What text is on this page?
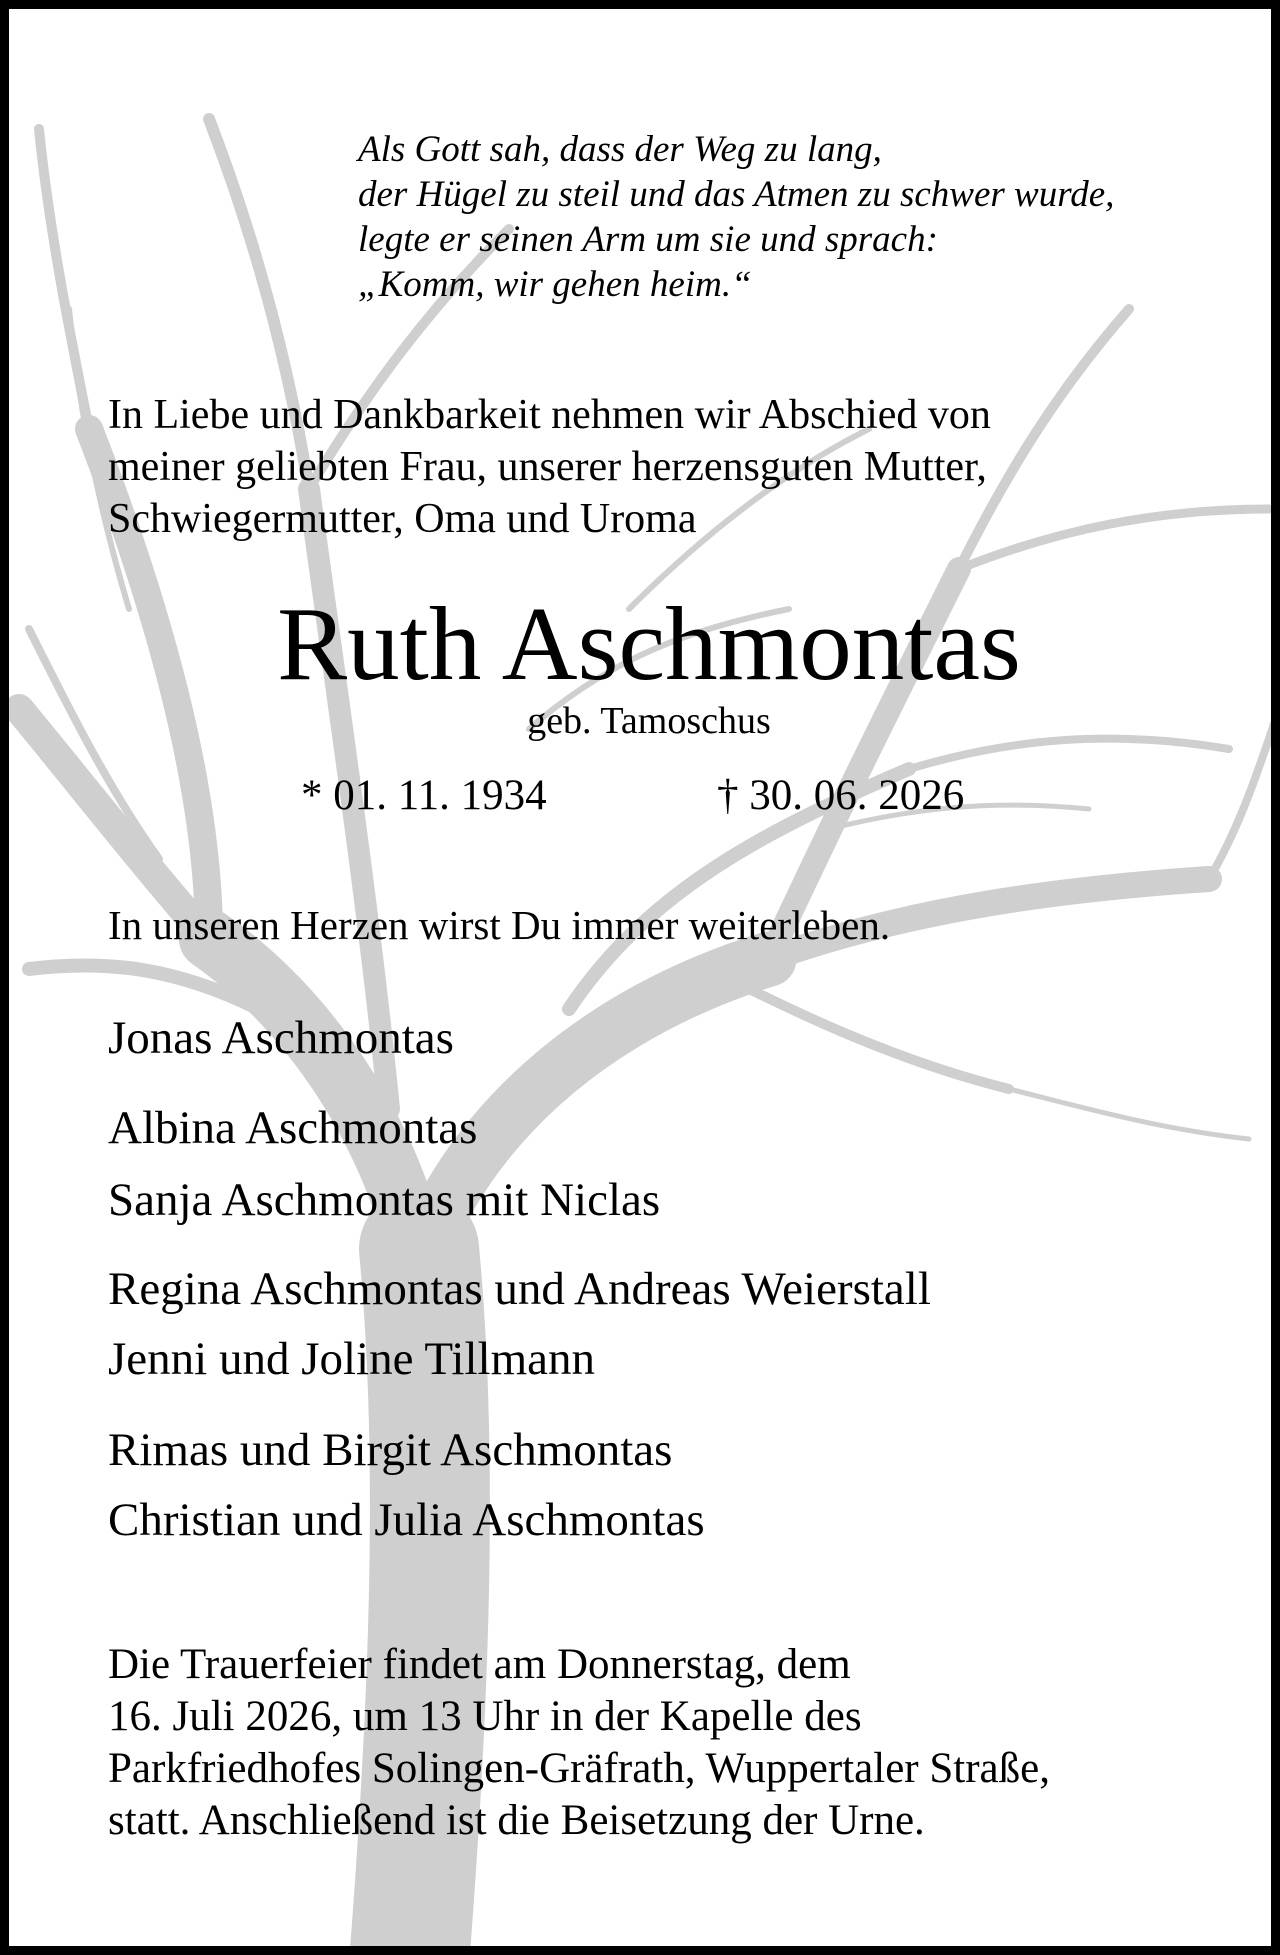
Als Gott sah, dass der Weg zu lang,
der Hügel zu steil und das Atmen zu schwer wurde,
legte er seinen Arm um sie und sprach:
„Komm, wir gehen heim.“
In Liebe und Dankbarkeit nehmen wir Abschied von
meiner geliebten Frau, unserer herzensguten Mutter,
Schwiegermutter, Oma und Uroma
Ruth Aschmontas
geb. Tamoschus
* 01. 11. 1934	† 30. 06. 2026
In unseren Herzen wirst Du immer weiterleben.
Jonas Aschmontas
Albina Aschmontas
Sanja Aschmontas mit Niclas
Regina Aschmontas und Andreas Weierstall
Jenni und Joline Tillmann
Rimas und Birgit Aschmontas
Christian und Julia Aschmontas
Die Trauerfeier findet am Donnerstag, dem
16. Juli 2026, um 13 Uhr in der Kapelle des
Parkfriedhofes Solingen-Gräfrath, Wuppertaler Straße,
statt. Anschließend ist die Beisetzung der Urne.
